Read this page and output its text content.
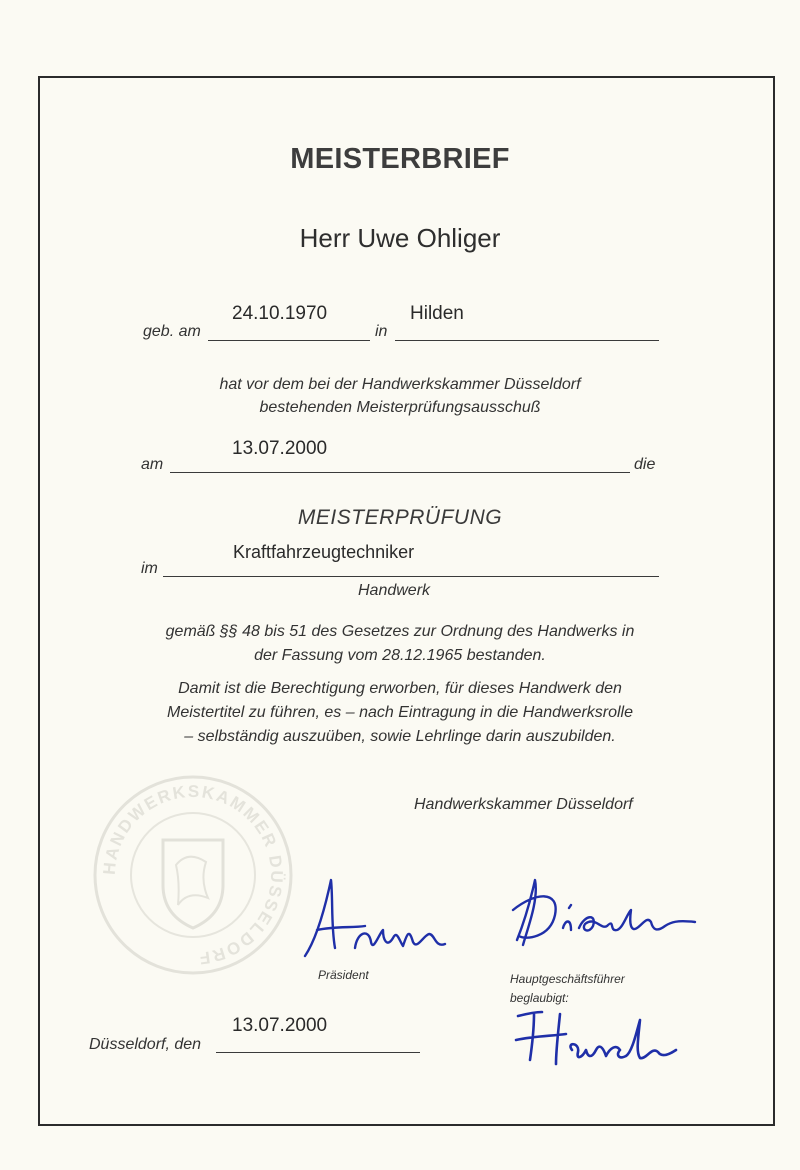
MEISTERBRIEF
Herr Uwe Ohliger
24.10.1970	Hilden
geb. am	in
hat vor dem bei der Handwerkskammer Düsseldorf
bestehenden Meisterprüfungsausschuß
13.07.2000
am	die
MEISTERPRÜFUNG
Kraftfahrzeugtechniker
im
Handwerk
gemäß §§ 48 bis 51 des Gesetzes zur Ordnung des Handwerks in
der Fassung vom 28.12.1965 bestanden.
Damit ist die Berechtigung erworben, für dieses Handwerk den
Meistertitel zu führen, es – nach Eintragung in die Handwerksrolle
– selbständig auszuüben, sowie Lehrlinge darin auszubilden.
Handwerkskammer Düsseldorf
HANDWERKSKAMMER DÜSSELDORF
Präsident	Hauptgeschäftsführer
beglaubigt:
13.07.2000
Düsseldorf, den
